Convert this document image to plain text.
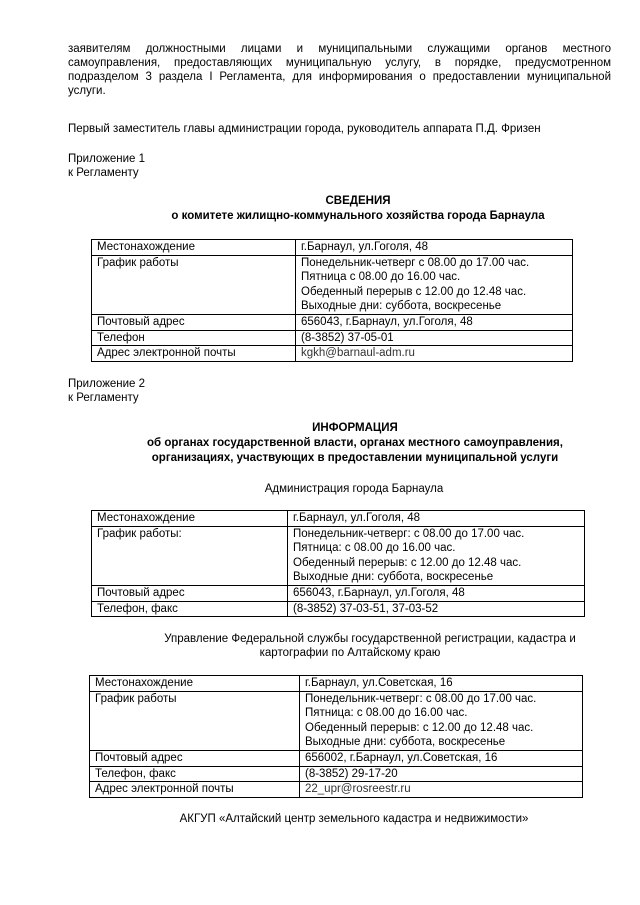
заявителям должностными лицами и муниципальными служащими органов местного самоуправления, предоставляющих муниципальную услугу, в порядке, предусмотренном подразделом 3 раздела I Регламента, для информирования о предоставлении муниципальной услуги.
Первый заместитель главы администрации города, руководитель аппарата П.Д. Фризен
Приложение 1
к Регламенту
СВЕДЕНИЯ
о комитете жилищно-коммунального хозяйства города Барнаула
Местонахождение	г.Барнаул, ул.Гоголя, 48

График работы	Понедельник-четверг с 08.00 до 17.00 час.
Пятница с 08.00 до 16.00 час.
Обеденный перерыв с 12.00 до 12.48 час.
Выходные дни: суббота, воскресенье

Почтовый адрес	656043, г.Барнаул, ул.Гоголя, 48

Телефон	(8-3852) 37-05-01

Адрес электронной почты	kgkh@barnaul-adm.ru
Приложение 2
к Регламенту
ИНФОРМАЦИЯ
об органах государственной власти, органах местного самоуправления,
организациях, участвующих в предоставлении муниципальной услуги
Администрация города Барнаула
Местонахождение	г.Барнаул, ул.Гоголя, 48

График работы:	Понедельник-четверг: с 08.00 до 17.00 час.
Пятница: с 08.00 до 16.00 час.
Обеденный перерыв: с 12.00 до 12.48 час.
Выходные дни: суббота, воскресенье

Почтовый адрес	656043, г.Барнаул, ул.Гоголя, 48

Телефон, факс	(8-3852) 37-03-51, 37-03-52
Управление Федеральной службы государственной регистрации, кадастра и
картографии по Алтайскому краю
Местонахождение	г.Барнаул, ул.Советская, 16

График работы	Понедельник-четверг: с 08.00 до 17.00 час.
Пятница: с 08.00 до 16.00 час.
Обеденный перерыв: с 12.00 до 12.48 час.
Выходные дни: суббота, воскресенье

Почтовый адрес	656002, г.Барнаул, ул.Советская, 16

Телефон, факс	(8-3852) 29-17-20

Адрес электронной почты	22_upr@rosreestr.ru
АКГУП «Алтайский центр земельного кадастра и недвижимости»
